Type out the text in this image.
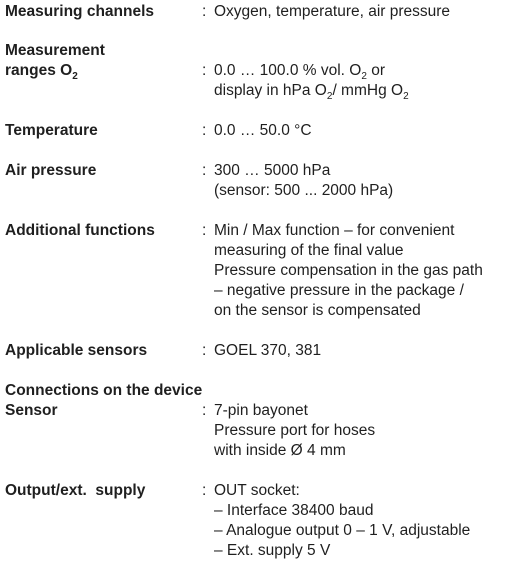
Measuring channels	: Oxygen, temperature, air pressure
Measurement
ranges $O_2$	: 0.0 … 100.0 % vol. $O_2$ or
display in hPa $O_2/$ mmHg $O_2$
Temperature	: 0.0 … 50.0 °C
Air pressure	: 300 … 5000 hPa
(sensor: 500 ... 2000 hPa)
Additional functions	: Min / Max function – for convenient
measuring of the final value
Pressure compensation in the gas path
– negative pressure in the package /
on the sensor is compensated
Applicable sensors	: GOEL 370, 381
Connections on the device
Sensor	: 7-pin bayonet
Pressure port for hoses
with inside Ø 4 mm
Output/ext.  supply	: OUT socket:
– Interface 38400 baud
– Analogue output 0 – 1 V, adjustable
– Ext. supply 5 V
